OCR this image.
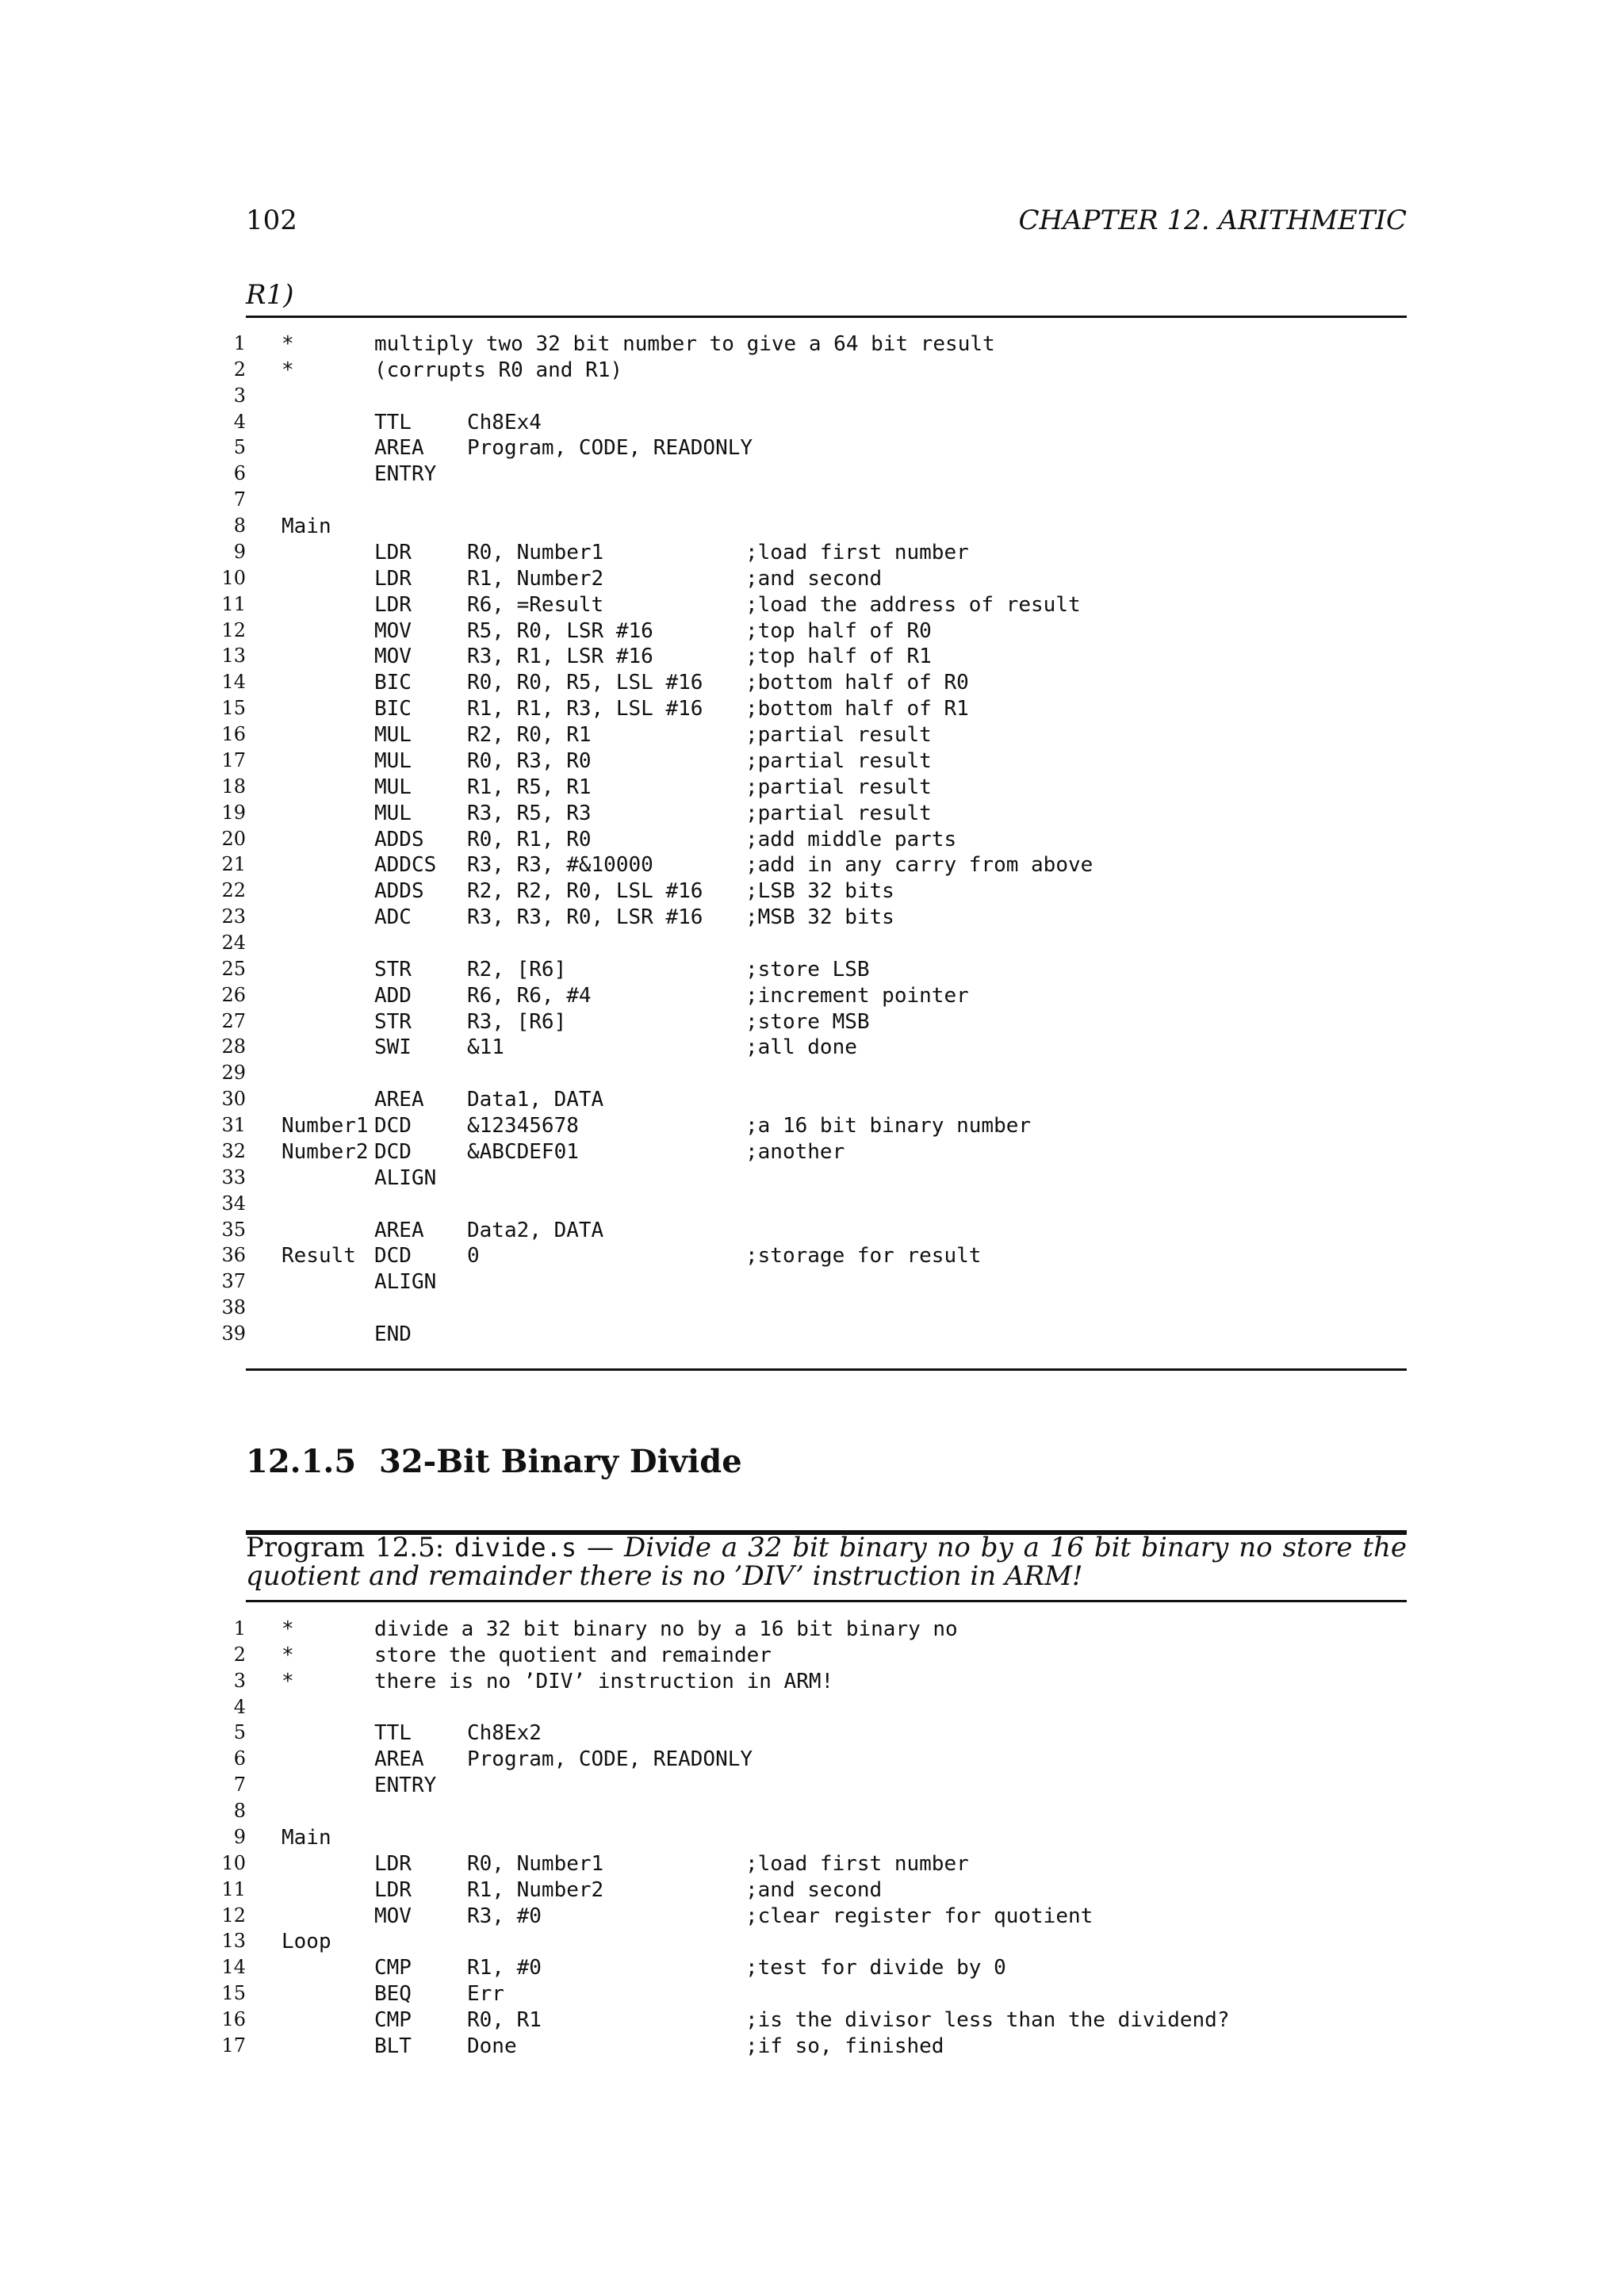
102	CHAPTER 12. ARITHMETIC
R1)
1 *	multiply two 32 bit number to give a 64 bit result
2 *	(corrupts R0 and R1)
3
4	TTL	Ch8Ex4
5	AREA Program, CODE, READONLY
6	ENTRY
7
8 Main
9	LDR	R0, Number1	;load first number
10	LDR	R1, Number2	;and second
11	LDR	R6, =Result	;load the address of result
12	MOV	R5, R0, LSR #16	;top half of R0
13	MOV	R3, R1, LSR #16	;top half of R1
14	BIC	R0, R0, R5, LSL #16 ;bottom half of R0
15	BIC	R1, R1, R3, LSL #16 ;bottom half of R1
16	MUL	R2, R0, R1	;partial result
17	MUL	R0, R3, R0	;partial result
18	MUL	R1, R5, R1	;partial result
19	MUL	R3, R5, R3	;partial result
20	ADDS R0, R1, R0	;add middle parts
21	ADDCS R3, R3, #&10000	;add in any carry from above
22	ADDS R2, R2, R0, LSL #16 ;LSB 32 bits
23	ADC	R3, R3, R0, LSR #16 ;MSB 32 bits
24
25	STR	R2, [R6]	;store LSB
26	ADD	R6, R6, #4	;increment pointer
27	STR	R3, [R6]	;store MSB
28	SWI	&11	;all done
29
30	AREA Data1, DATA
31 Number1 DCD	&12345678	;a 16 bit binary number
32 Number2 DCD	&ABCDEF01	;another
33	ALIGN
34
35	AREA Data2, DATA
36 Result DCD	0	;storage for result
37	ALIGN
38
39	END
12.1.5 32-Bit Binary Divide
Program 12.5: divide.s — Divide a 32 bit binary no by a 16 bit binary no store the quotient and remainder there is no ’DIV’ instruction in ARM!
1 *	divide a 32 bit binary no by a 16 bit binary no
2 *	store the quotient and remainder
3 *	there is no ’DIV’ instruction in ARM!
4
5	TTL	Ch8Ex2
6	AREA Program, CODE, READONLY
7	ENTRY
8
9 Main
10	LDR	R0, Number1	;load first number
11	LDR	R1, Number2	;and second
12	MOV	R3, #0	;clear register for quotient
13 Loop
14	CMP	R1, #0	;test for divide by 0
15	BEQ	Err
16	CMP	R0, R1	;is the divisor less than the dividend?
17	BLT	Done	;if so, finished
